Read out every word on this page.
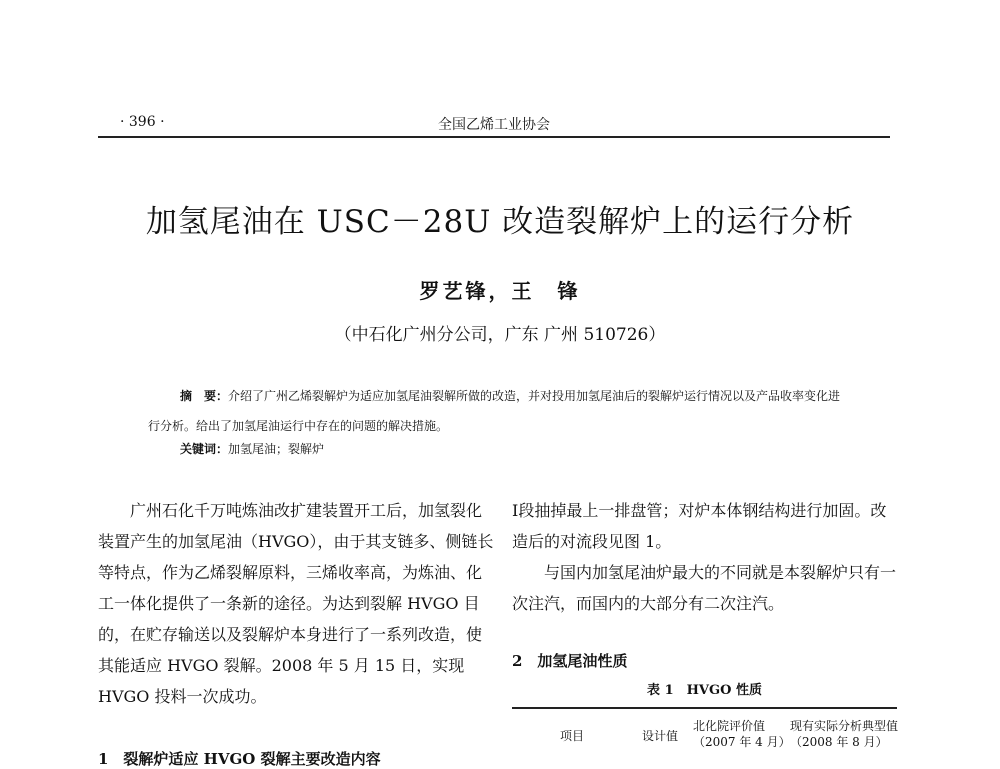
· 396 ·	全国乙烯工业协会
加氢尾油在 USC－28U 改造裂解炉上的运行分析
罗艺锋，王　锋
（中石化广州分公司，广东 广州 510726）
摘　要：介绍了广州乙烯裂解炉为适应加氢尾油裂解所做的改造，并对投用加氢尾油后的裂解炉运行情况以及产品收率变化进行分析。给出了加氢尾油运行中存在的问题的解决措施。
关键词：加氢尾油；裂解炉

广州石化千万吨炼油改扩建装置开工后，加氢裂化装置产生的加氢尾油（HVGO），由于其支链多、侧链长等特点，作为乙烯裂解原料，三烯收率高，为炼油、化工一体化提供了一条新的途径。为达到裂解 HVGO 目的，在贮存输送以及裂解炉本身进行了一系列改造，使其能适应 HVGO 裂解。2008 年 5 月 15 日，实现 HVGO 投料一次成功。

1　裂解炉适应 HVGO 裂解主要改造内容

Ⅰ段抽掉最上一排盘管；对炉本体钢结构进行加固。改造后的对流段见图 1。

与国内加氢尾油炉最大的不同就是本裂解炉只有一次注汽，而国内的大部分有二次注汽。

2　加氢尾油性质
表 1　HVGO 性质
项目	设计值
北化院评价值（2007 年 4 月）
现有实际分析典型值（2008 年 8 月）
